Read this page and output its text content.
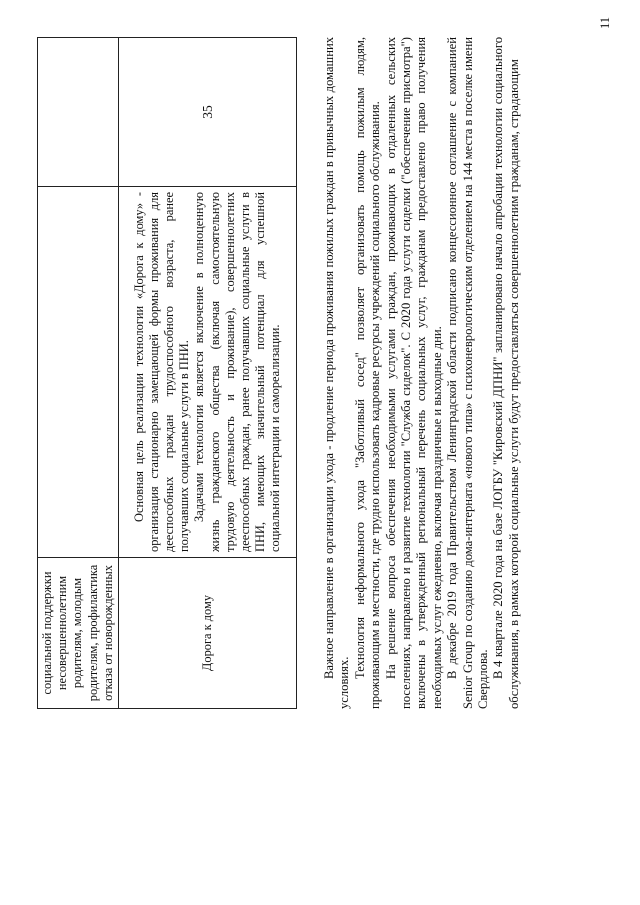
социальной поддержки несовершеннолетним родителям, молодым родителям, профилактика отказа от новорожденных		
Дорога к дому	Основная цель реализации технологии «Дорога к дому» - организация стационарно замещающей формы проживания для дееспособных граждан трудоспособного возраста, ранее получавших социальные услуги в ПНИ. Задачами технологии является включение в полноценную жизнь гражданского общества (включая самостоятельную трудовую деятельность и проживание), совершеннолетних дееспособных граждан, ранее получавших социальные услуги в ПНИ, имеющих значительный потенциал для успешной социальной интеграции и самореализации.	35	Важное направление в организации ухода - продление периода проживания пожилых граждан в привычных домашних условиях.

Технология неформального ухода "Заботливый сосед" позволяет организовать помощь пожилым людям, проживающим в местности, где трудно использовать кадровые ресурсы учреждений социального обслуживания. На решение вопроса обеспечения необходимыми услугами граждан, проживающих в отдаленных сельских поселениях, направлено и развитие технологии "Служба сиделок". С 2020 года услуги сиделки ("обеспечение присмотра") включены в утвержденный региональный перечень социальных услуг, гражданам предоставлено право получения необходимых услуг ежедневно, включая праздничные и выходные дни. В декабре 2019 года Правительством Ленинградской области подписано концессионное соглашение с компанией Senior Group по созданию дома-интерната «нового типа» с психоневрологическим отделением на 144 места в поселке имени Свердлова.

В 4 квартале 2020 года на базе ЛОГБУ "Кировский ДПНИ" запланировано начало апробации технологии социального обслуживания, в рамках которой социальные услуги будут предоставляться совершеннолетним гражданам, страдающим

11
